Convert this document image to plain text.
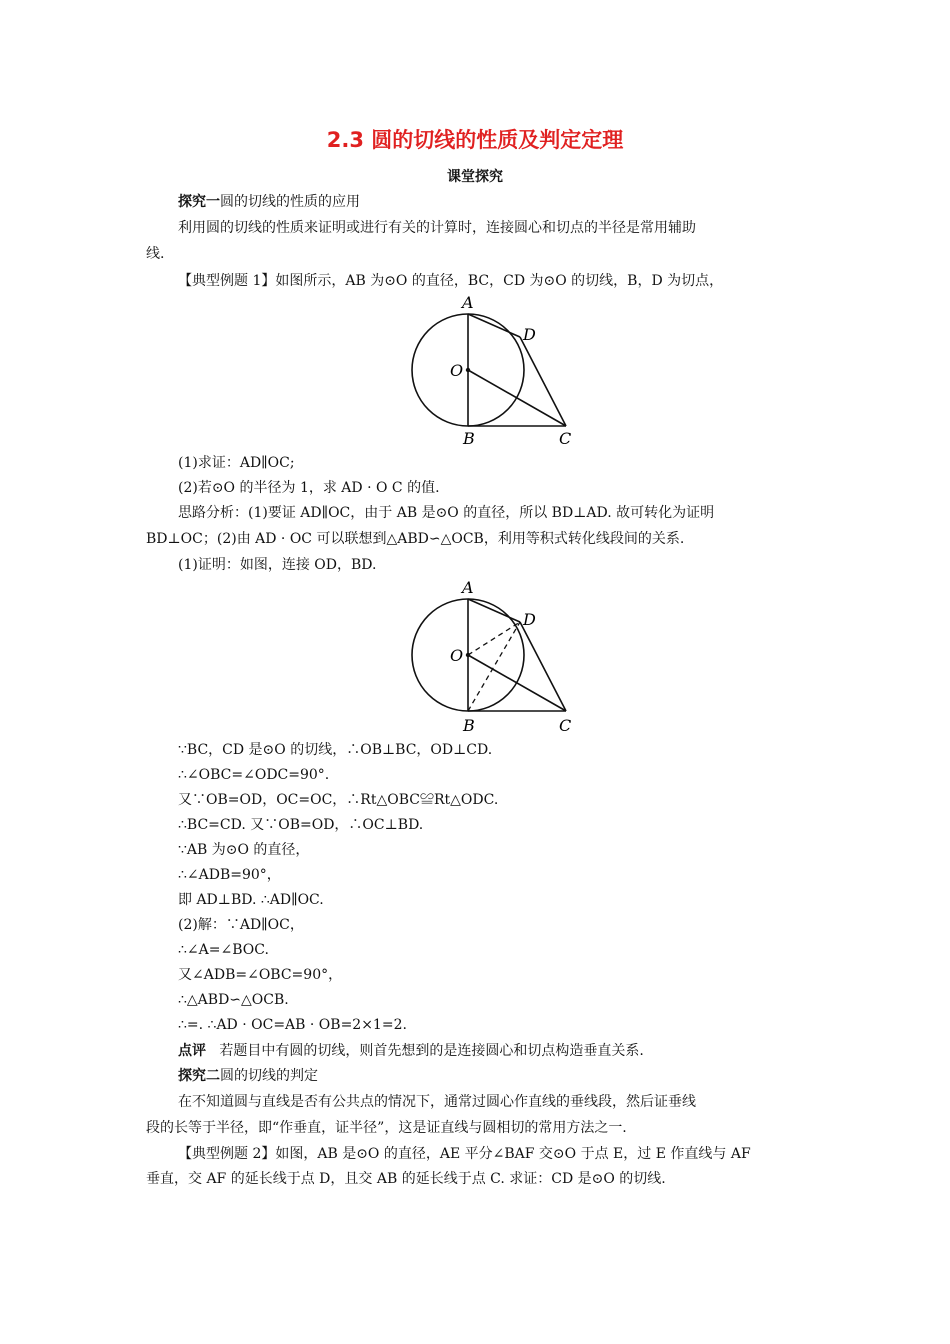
2.3 圆的切线的性质及判定定理
课堂探究
探究一圆的切线的性质的应用
利用圆的切线的性质来证明或进行有关的计算时，连接圆心和切点的半径是常用辅助
线.
【典型例题 1】如图所示，AB 为⊙O 的直径，BC，CD 为⊙O 的切线，B，D 为切点，
A
D
O
B	C
(1)求证：AD∥OC;
(2)若⊙O 的半径为 1，求 AD · O C 的值.
思路分析：(1)要证 AD∥OC，由于 AB 是⊙O 的直径，所以 BD⊥AD. 故可转化为证明
BD⊥OC；(2)由 AD · OC 可以联想到△ABD∽△OCB，利用等积式转化线段间的关系.
(1)证明：如图，连接 OD，BD.
A
D
O
B	C
∵BC，CD 是⊙O 的切线，∴OB⊥BC，OD⊥CD.
∴∠OBC=∠ODC=90°.
又∵OB=OD，OC=OC，∴Rt△OBC≌Rt△ODC.
∴BC=CD. 又∵OB=OD，∴OC⊥BD.
∵AB 为⊙O 的直径，
∴∠ADB=90°，
即 AD⊥BD. ∴AD∥OC.
(2)解：∵AD∥OC，
∴∠A=∠BOC.
又∠ADB=∠OBC=90°，
∴△ABD∽△OCB.
∴=. ∴AD · OC=AB · OB=2×1=2.
点评 若题目中有圆的切线，则首先想到的是连接圆心和切点构造垂直关系.
探究二圆的切线的判定
在不知道圆与直线是否有公共点的情况下，通常过圆心作直线的垂线段，然后证垂线
段的长等于半径，即“作垂直，证半径”，这是证直线与圆相切的常用方法之一.
【典型例题 2】如图，AB 是⊙O 的直径，AE 平分∠BAF 交⊙O 于点 E，过 E 作直线与 AF
垂直，交 AF 的延长线于点 D，且交 AB 的延长线于点 C. 求证：CD 是⊙O 的切线.
